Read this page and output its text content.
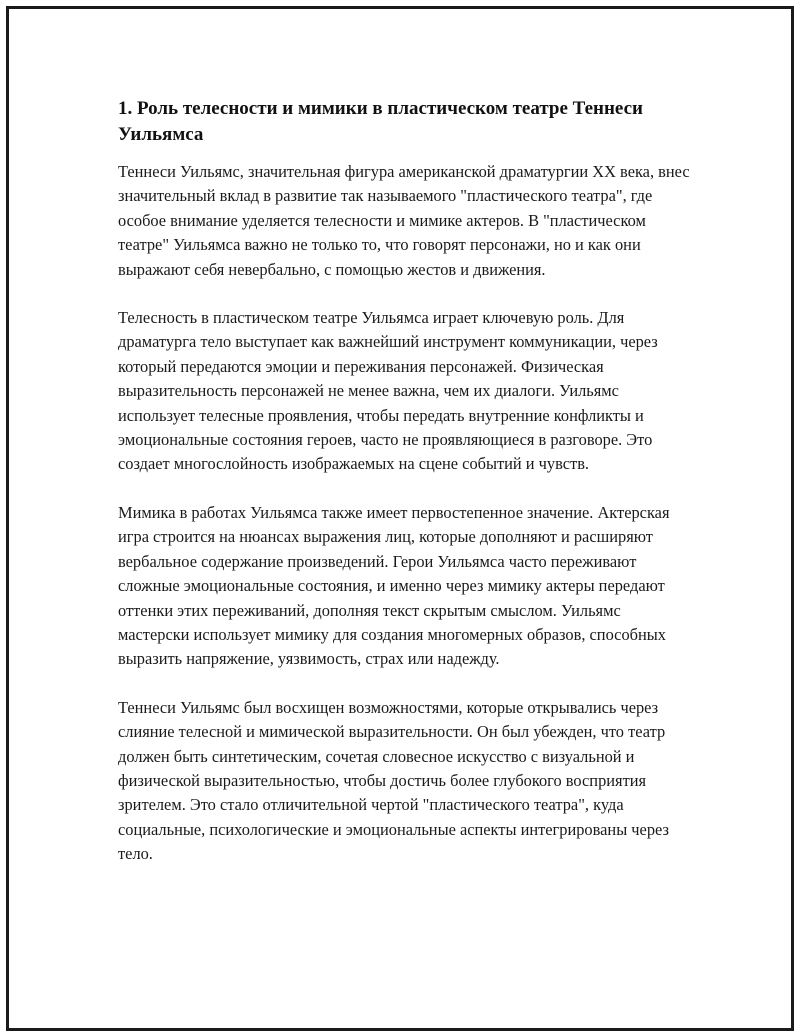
1. Роль телесности и мимики в пластическом театре Теннеси Уильямса

Теннеси Уильямс, значительная фигура американской драматургии XX века, внес значительный вклад в развитие так называемого "пластического театра", где особое внимание уделяется телесности и мимике актеров. В "пластическом театре" Уильямса важно не только то, что говорят персонажи, но и как они выражают себя невербально, с помощью жестов и движения.

Телесность в пластическом театре Уильямса играет ключевую роль. Для драматурга тело выступает как важнейший инструмент коммуникации, через который передаются эмоции и переживания персонажей. Физическая выразительность персонажей не менее важна, чем их диалоги. Уильямс использует телесные проявления, чтобы передать внутренние конфликты и эмоциональные состояния героев, часто не проявляющиеся в разговоре. Это создает многослойность изображаемых на сцене событий и чувств.

Мимика в работах Уильямса также имеет первостепенное значение. Актерская игра строится на нюансах выражения лиц, которые дополняют и расширяют вербальное содержание произведений. Герои Уильямса часто переживают сложные эмоциональные состояния, и именно через мимику актеры передают оттенки этих переживаний, дополняя текст скрытым смыслом. Уильямс мастерски использует мимику для создания многомерных образов, способных выразить напряжение, уязвимость, страх или надежду.

Теннеси Уильямс был восхищен возможностями, которые открывались через слияние телесной и мимической выразительности. Он был убежден, что театр должен быть синтетическим, сочетая словесное искусство с визуальной и физической выразительностью, чтобы достичь более глубокого восприятия зрителем. Это стало отличительной чертой "пластического театра", куда социальные, психологические и эмоциональные аспекты интегрированы через тело.
